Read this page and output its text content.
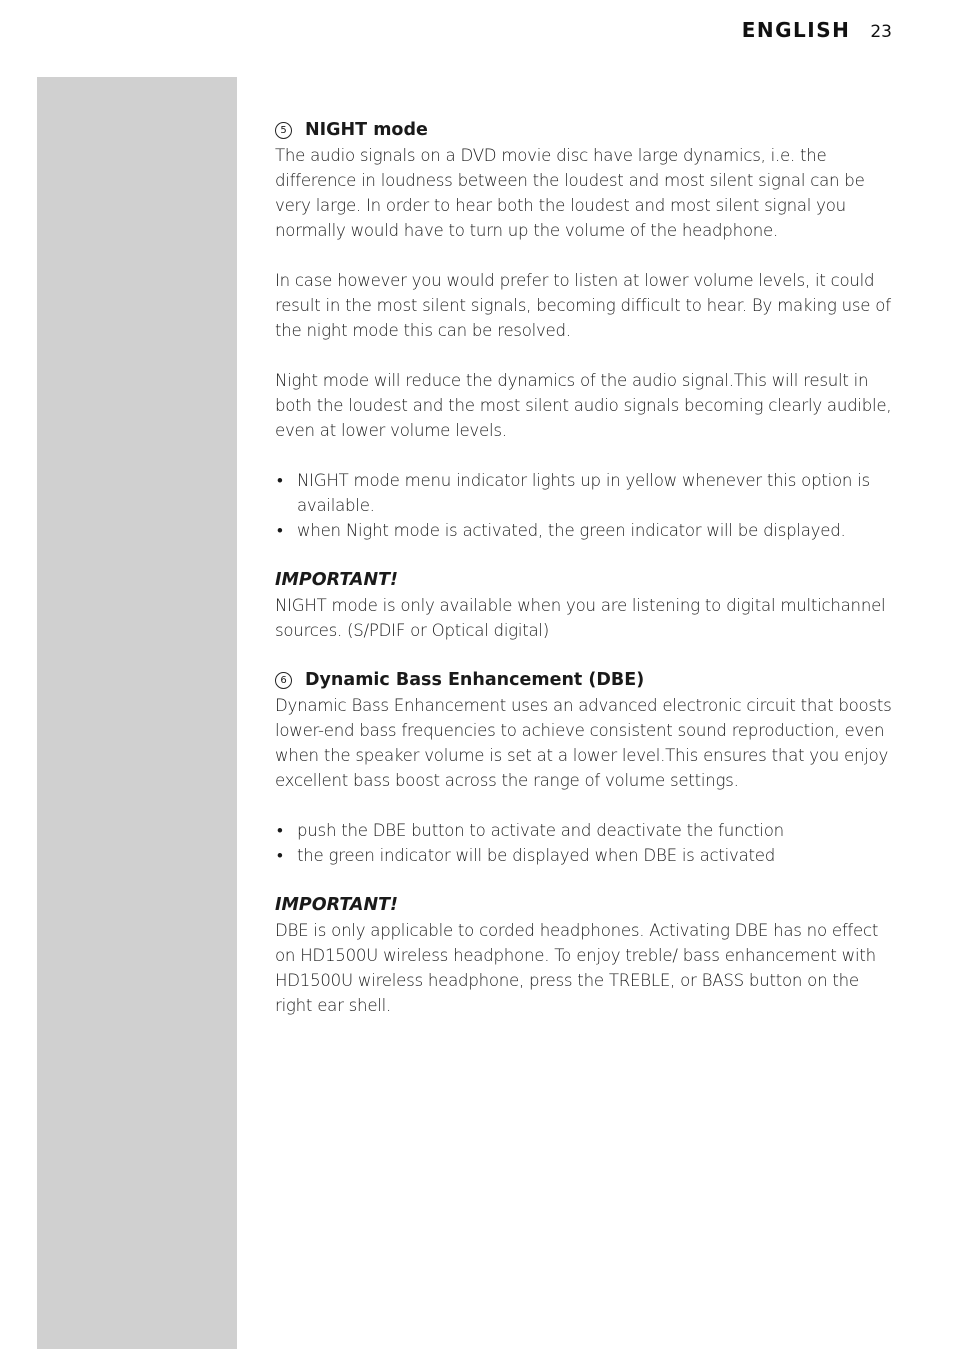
ENGLISH 23
5	NIGHT mode

The audio signals on a DVD movie disc have large dynamics, i.e. the difference in loudness between the loudest and most silent signal can be very large. In order to hear both the loudest and most silent signal you normally would have to turn up the volume of the headphone.

In case however you would prefer to listen at lower volume levels, it could result in the most silent signals, becoming difficult to hear. By making use of the night mode this can be resolved.

Night mode will reduce the dynamics of the audio signal.This will result in both the loudest and the most silent audio signals becoming clearly audible, even at lower volume levels.

• NIGHT mode menu indicator lights up in yellow whenever this option is available.
• when Night mode is activated, the green indicator will be displayed.
IMPORTANT!

NIGHT mode is only available when you are listening to digital multichannel sources. (S/PDIF or Optical digital)

6	Dynamic Bass Enhancement (DBE)

Dynamic Bass Enhancement uses an advanced electronic circuit that boosts lower-end bass frequencies to achieve consistent sound reproduction, even when the speaker volume is set at a lower level.This ensures that you enjoy excellent bass boost across the range of volume settings.

• push the DBE button to activate and deactivate the function
• the green indicator will be displayed when DBE is activated
IMPORTANT!

DBE is only applicable to corded headphones. Activating DBE has no effect on HD1500U wireless headphone. To enjoy treble/ bass enhancement with HD1500U wireless headphone, press the TREBLE, or BASS button on the right ear shell.
